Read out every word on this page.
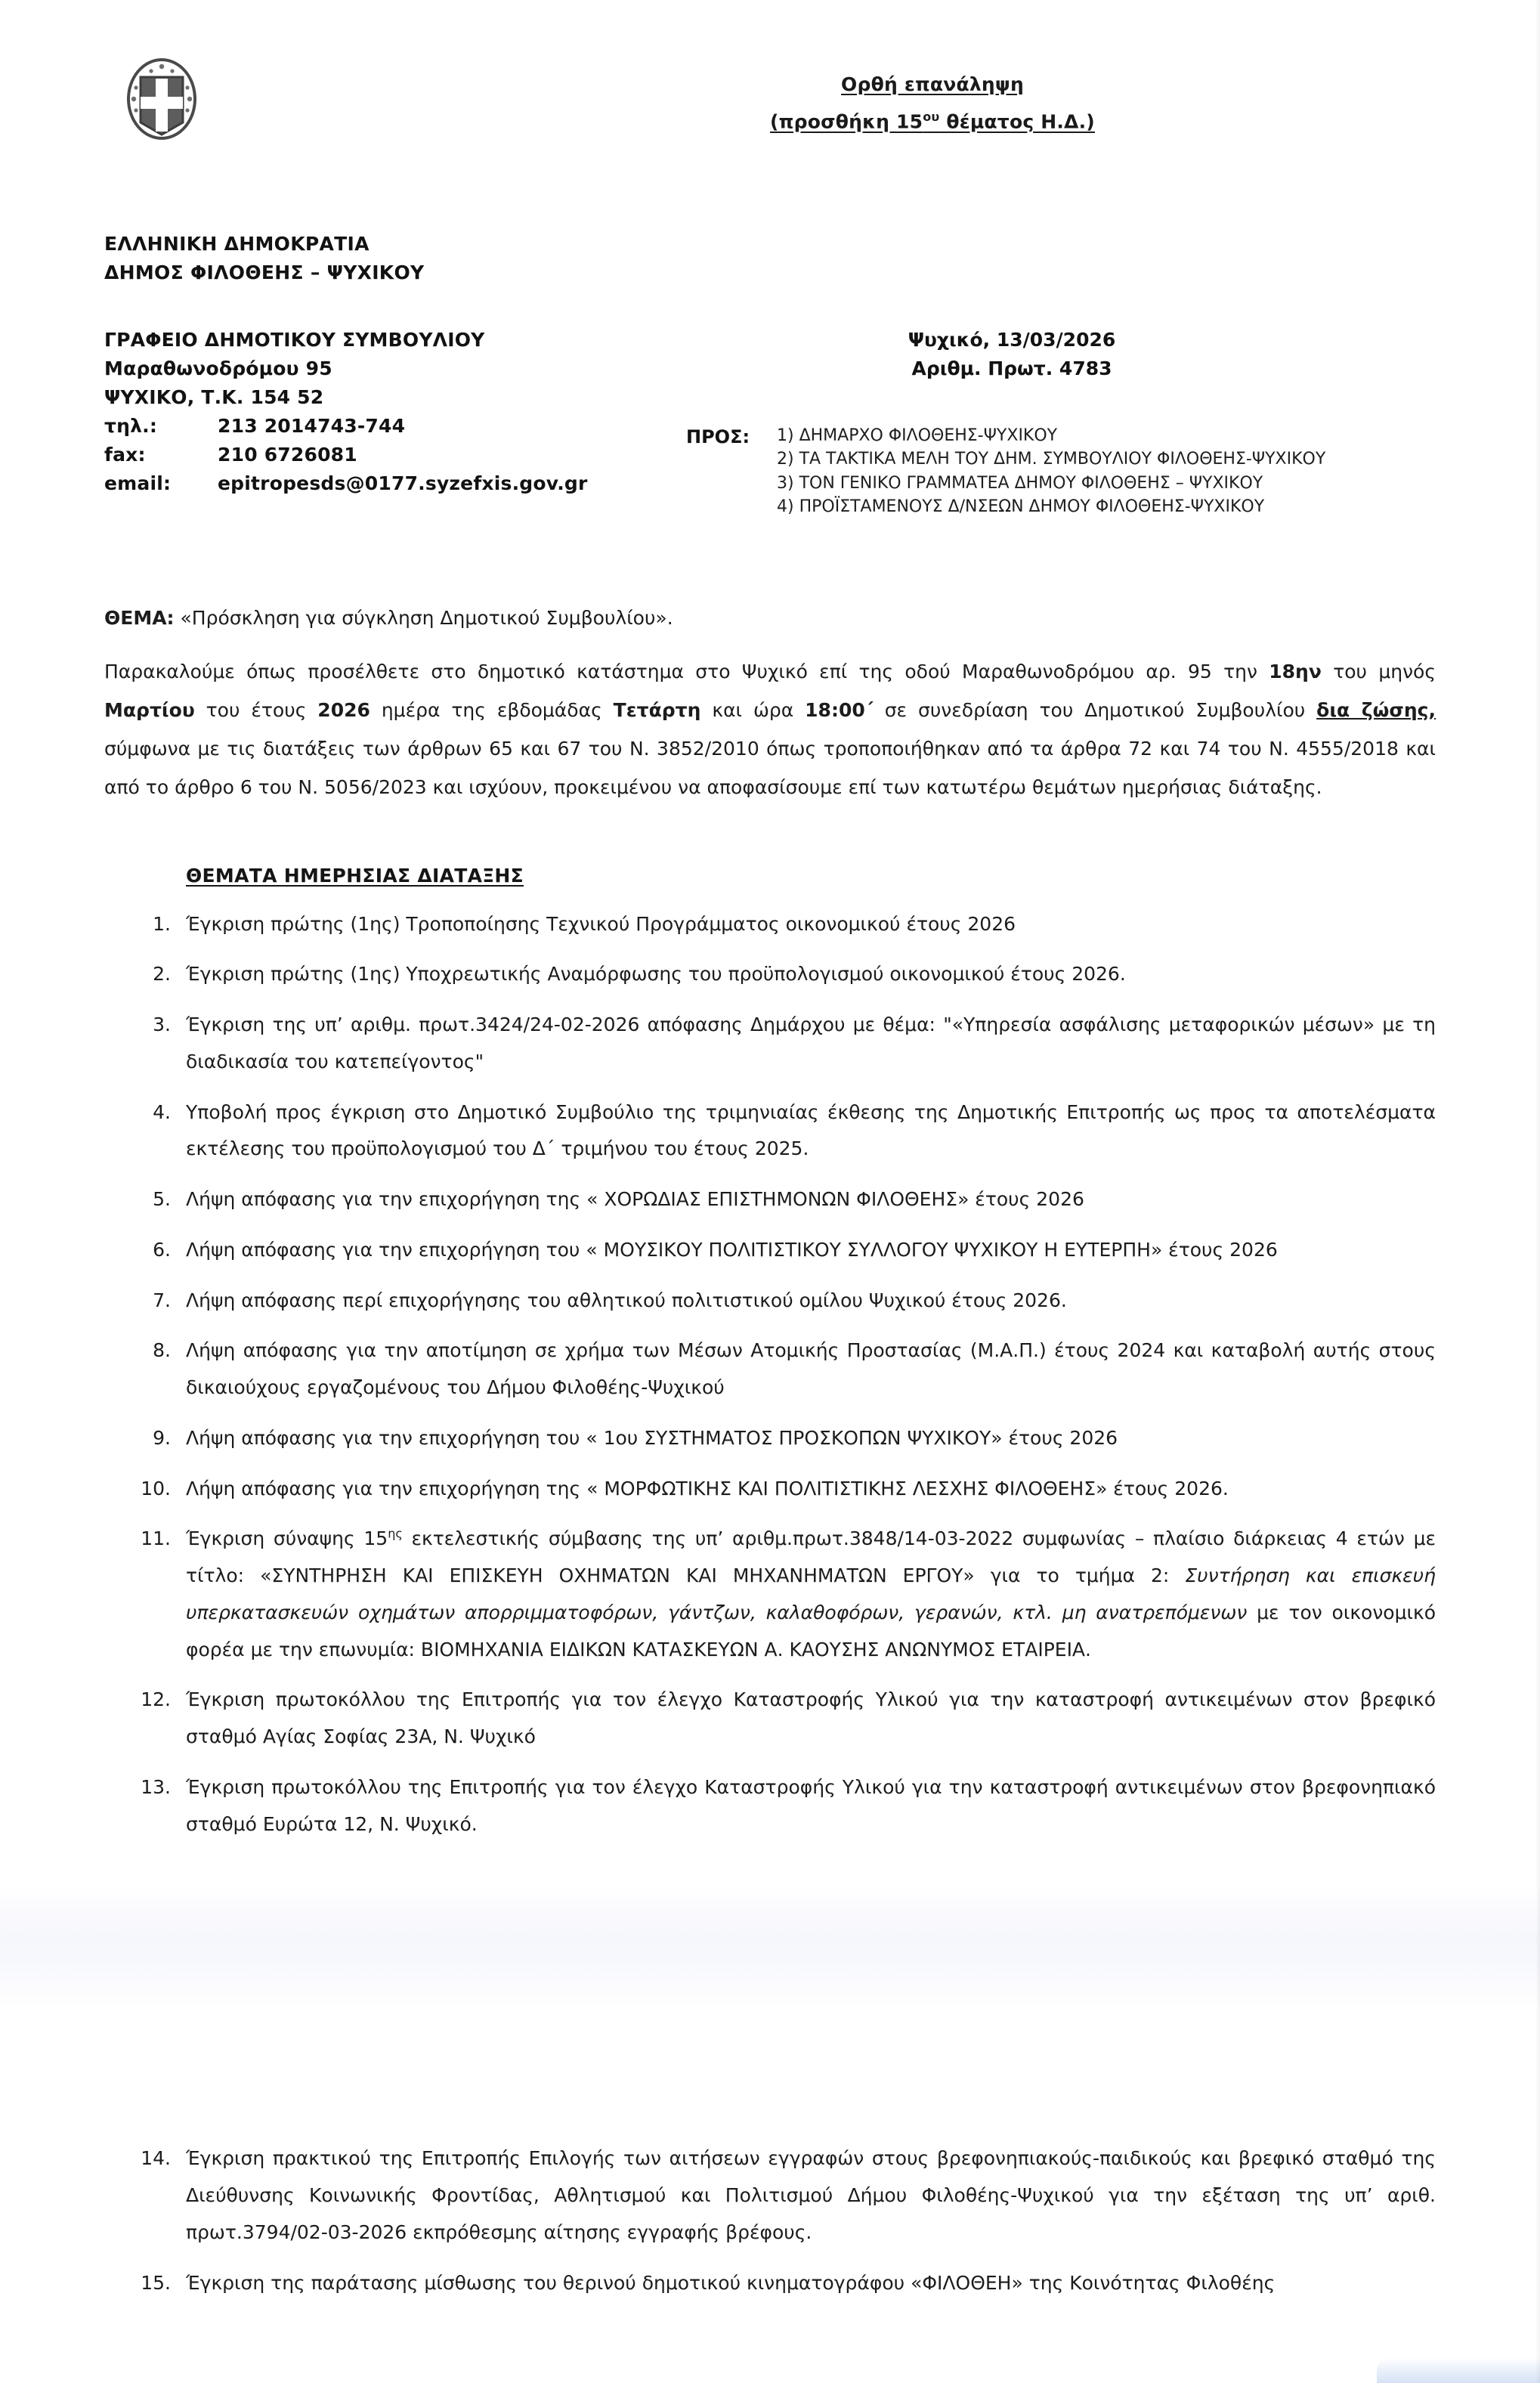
Ορθή επανάληψη
(προσθήκη $15^{o\upsilon}$ θέματος Η.Δ.)
ΕΛΛΗΝΙΚΗ ΔΗΜΟΚΡΑΤΙΑ
ΔΗΜΟΣ ΦΙΛΟΘΕΗΣ – ΨΥΧΙΚΟΥ
ΓΡΑΦΕΙΟ ΔΗΜΟΤΙΚΟΥ ΣΥΜΒΟΥΛΙΟΥ
Μαραθωνοδρόμου 95
ΨΥΧΙΚΟ, Τ.Κ. 154 52
τηλ.:	213 2014743-744
fax:	210 6726081
email:	epitropesds@0177.syzefxis.gov.gr
Ψυχικό, 13/03/2026
Αριθμ. Πρωτ. 4783
ΠΡΟΣ:	1) ΔΗΜΑΡΧΟ ΦΙΛΟΘΕΗΣ-ΨΥΧΙΚΟΥ
2) ΤΑ ΤΑΚΤΙΚΑ ΜΕΛΗ ΤΟΥ ΔΗΜ. ΣΥΜΒΟΥΛΙΟΥ ΦΙΛΟΘΕΗΣ-ΨΥΧΙΚΟΥ
3) ΤΟΝ ΓΕΝΙΚΟ ΓΡΑΜΜΑΤΕΑ ΔΗΜΟΥ ΦΙΛΟΘΕΗΣ – ΨΥΧΙΚΟΥ
4) ΠΡΟΪΣΤΑΜΕΝΟΥΣ Δ/ΝΣΕΩΝ ΔΗΜΟΥ ΦΙΛΟΘΕΗΣ-ΨΥΧΙΚΟΥ
ΘΕΜΑ: «Πρόσκληση για σύγκληση Δημοτικού Συμβουλίου».
Παρακαλούμε όπως προσέλθετε στο δημοτικό κατάστημα στο Ψυχικό επί της οδού Μαραθωνοδρόμου αρ. 95 την 18ην του μηνός Μαρτίου του έτους 2026 ημέρα της εβδομάδας Τετάρτη και ώρα 18:00΄ σε συνεδρίαση του Δημοτικού Συμβουλίου δια ζώσης, σύμφωνα με τις διατάξεις των άρθρων 65 και 67 του Ν. 3852/2010 όπως τροποποιήθηκαν από τα άρθρα 72 και 74 του Ν. 4555/2018 και από το άρθρο 6 του Ν. 5056/2023 και ισχύουν, προκειμένου να αποφασίσουμε επί των κατωτέρω θεμάτων ημερήσιας διάταξης.
ΘΕΜΑΤΑ ΗΜΕΡΗΣΙΑΣ ΔΙΑΤΑΞΗΣ
1. Έγκριση πρώτης (1ης) Τροποποίησης Τεχνικού Προγράμματος οικονομικού έτους 2026
2. Έγκριση πρώτης (1ης) Υποχρεωτικής Αναμόρφωσης του προϋπολογισμού οικονομικού έτους 2026.
3. Έγκριση της υπ’ αριθμ. πρωτ.3424/24-02-2026 απόφασης Δημάρχου με θέμα: "«Υπηρεσία ασφάλισης μεταφορικών μέσων» με τη διαδικασία του κατεπείγοντος"
4. Υποβολή προς έγκριση στο Δημοτικό Συμβούλιο της τριμηνιαίας έκθεσης της Δημοτικής Επιτροπής ως προς τα αποτελέσματα εκτέλεσης του προϋπολογισμού του Δ΄ τριμήνου του έτους 2025.
5. Λήψη απόφασης για την επιχορήγηση της « ΧΟΡΩΔΙΑΣ ΕΠΙΣΤΗΜΟΝΩΝ ΦΙΛΟΘΕΗΣ» έτους 2026
6. Λήψη απόφασης για την επιχορήγηση του « ΜΟΥΣΙΚΟΥ ΠΟΛΙΤΙΣΤΙΚΟΥ ΣΥΛΛΟΓΟΥ ΨΥΧΙΚΟΥ Η ΕΥΤΕΡΠΗ» έτους 2026
7. Λήψη απόφασης περί επιχορήγησης του αθλητικού πολιτιστικού ομίλου Ψυχικού έτους 2026.
8. Λήψη απόφασης για την αποτίμηση σε χρήμα των Μέσων Ατομικής Προστασίας (Μ.Α.Π.) έτους 2024 και καταβολή αυτής στους δικαιούχους εργαζομένους του Δήμου Φιλοθέης-Ψυχικού
9. Λήψη απόφασης για την επιχορήγηση του « 1ου ΣΥΣΤΗΜΑΤΟΣ ΠΡΟΣΚΟΠΩΝ ΨΥΧΙΚΟΥ» έτους 2026
10. Λήψη απόφασης για την επιχορήγηση της « ΜΟΡΦΩΤΙΚΗΣ ΚΑΙ ΠΟΛΙΤΙΣΤΙΚΗΣ ΛΕΣΧΗΣ ΦΙΛΟΘΕΗΣ» έτους 2026.
11. Έγκριση σύναψης $15^{\eta\varsigma}$ εκτελεστικής σύμβασης της υπ’ αριθμ.πρωτ.3848/14-03-2022 συμφωνίας – πλαίσιο διάρκειας 4 ετών με τίτλο: «ΣΥΝΤΗΡΗΣΗ ΚΑΙ ΕΠΙΣΚΕΥΗ ΟΧΗΜΑΤΩΝ ΚΑΙ ΜΗΧΑΝΗΜΑΤΩΝ ΕΡΓΟΥ» για το τμήμα 2: Συντήρηση και επισκευή υπερκατασκευών οχημάτων απορριμματοφόρων, γάντζων, καλαθοφόρων, γερανών, κτλ. μη ανατρεπόμενων με τον οικονομικό φορέα με την επωνυμία: ΒΙΟΜΗΧΑΝΙΑ ΕΙΔΙΚΩΝ ΚΑΤΑΣΚΕΥΩΝ Α. ΚΑΟΥΣΗΣ ΑΝΩΝΥΜΟΣ ΕΤΑΙΡΕΙΑ.
12. Έγκριση πρωτοκόλλου της Επιτροπής για τον έλεγχο Καταστροφής Υλικού για την καταστροφή αντικειμένων στον βρεφικό σταθμό Αγίας Σοφίας 23Α, Ν. Ψυχικό
13. Έγκριση πρωτοκόλλου της Επιτροπής για τον έλεγχο Καταστροφής Υλικού για την καταστροφή αντικειμένων στον βρεφονηπιακό σταθμό Ευρώτα 12, Ν. Ψυχικό.
14. Έγκριση πρακτικού της Επιτροπής Επιλογής των αιτήσεων εγγραφών στους βρεφονηπιακούς-παιδικούς και βρεφικό σταθμό της Διεύθυνσης Κοινωνικής Φροντίδας, Αθλητισμού και Πολιτισμού Δήμου Φιλοθέης-Ψυχικού για την εξέταση της υπ’ αριθ. πρωτ.3794/02-03-2026 εκπρόθεσμης αίτησης εγγραφής βρέφους.
15. Έγκριση της παράτασης μίσθωσης του θερινού δημοτικού κινηματογράφου «ΦΙΛΟΘΕΗ» της Κοινότητας Φιλοθέης
